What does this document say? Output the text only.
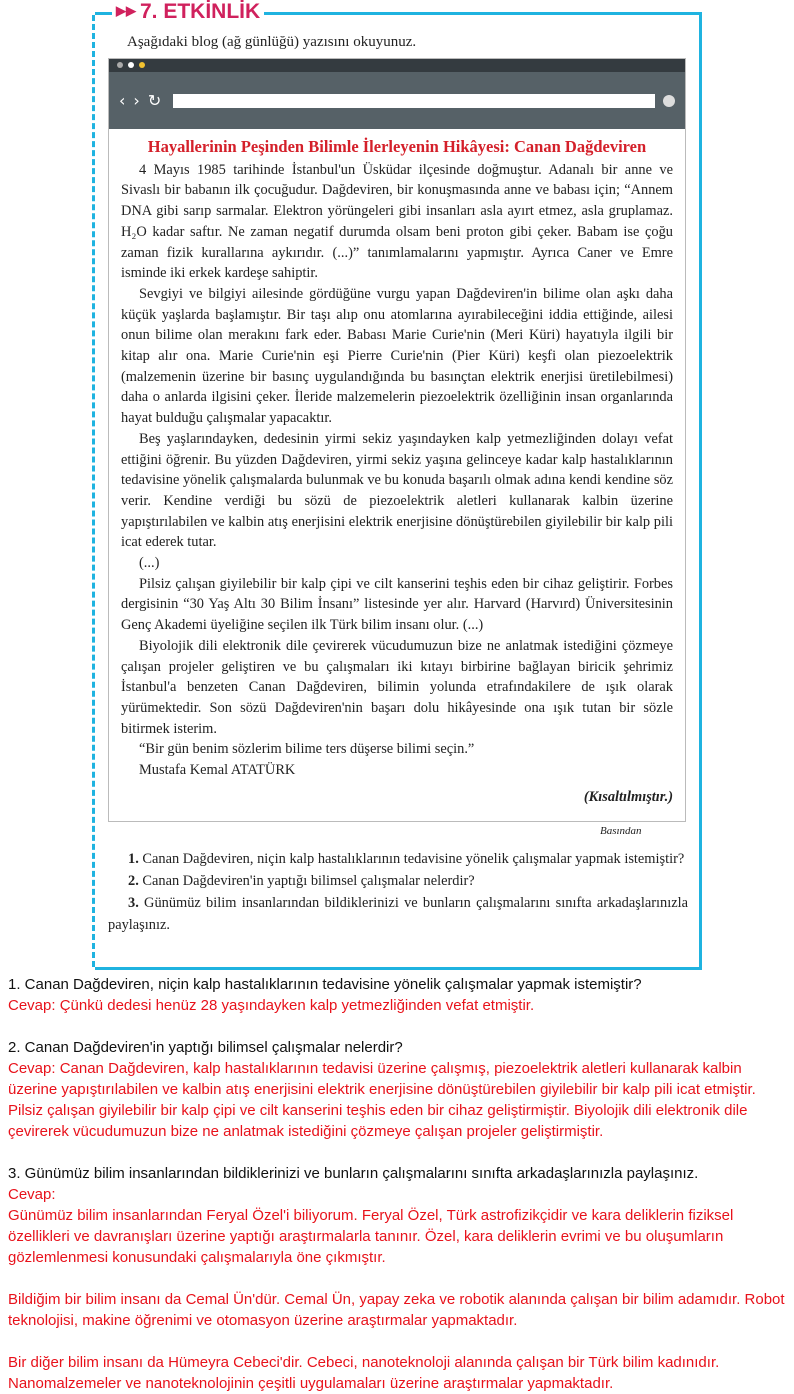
▶▶ 7. ETKİNLİK
Aşağıdaki blog (ağ günlüğü) yazısını okuyunuz.
‹ › ↻
Hayallerinin Peşinden Bilimle İlerleyenin Hikâyesi: Canan Dağdeviren

4 Mayıs 1985 tarihinde İstanbul'un Üsküdar ilçesinde doğmuştur. Adanalı bir anne ve Sivaslı bir babanın ilk çocuğudur. Dağdeviren, bir konuşmasında anne ve babası için; “Annem DNA gibi sarıp sarmalar. Elektron yörüngeleri gibi insanları asla ayırt etmez, asla gruplamaz. H₂O kadar saftır. Ne zaman negatif durumda olsam beni proton gibi çeker. Babam ise çoğu zaman fizik kurallarına aykırıdır. (...)” tanımlamalarını yapmıştır. Ayrıca Caner ve Emre isminde iki erkek kardeşe sahiptir.

Sevgiyi ve bilgiyi ailesinde gördüğüne vurgu yapan Dağdeviren'in bilime olan aşkı daha küçük yaşlarda başlamıştır. Bir taşı alıp onu atomlarına ayırabileceğini iddia ettiğinde, ailesi onun bilime olan merakını fark eder. Babası Marie Curie'nin (Meri Küri) hayatıyla ilgili bir kitap alır ona. Marie Curie'nin eşi Pierre Curie'nin (Pier Küri) keşfi olan piezoelektrik (malzemenin üzerine bir basınç uygulandığında bu basınçtan elektrik enerjisi üretilebilmesi) daha o anlarda ilgisini çeker. İleride malzemelerin piezoelektrik özelliğinin insan organlarında hayat bulduğu çalışmalar yapacaktır.

Beş yaşlarındayken, dedesinin yirmi sekiz yaşındayken kalp yetmezliğinden dolayı vefat ettiğini öğrenir. Bu yüzden Dağdeviren, yirmi sekiz yaşına gelinceye kadar kalp hastalıklarının tedavisine yönelik çalışmalarda bulunmak ve bu konuda başarılı olmak adına kendi kendine söz verir. Kendine verdiği bu sözü de piezoelektrik aletleri kullanarak kalbin üzerine yapıştırılabilen ve kalbin atış enerjisini elektrik enerjisine dönüştürebilen giyilebilir bir kalp pili icat ederek tutar.

(...)

Pilsiz çalışan giyilebilir bir kalp çipi ve cilt kanserini teşhis eden bir cihaz geliştirir. Forbes dergisinin “30 Yaş Altı 30 Bilim İnsanı” listesinde yer alır. Harvard (Harvırd) Üniversitesinin Genç Akademi üyeliğine seçilen ilk Türk bilim insanı olur. (...)

Biyolojik dili elektronik dile çevirerek vücudumuzun bize ne anlatmak istediğini çözmeye çalışan projeler geliştiren ve bu çalışmaları iki kıtayı birbirine bağlayan biricik şehrimiz İstanbul'a benzeten Canan Dağdeviren, bilimin yolunda etrafındakilere de ışık olarak yürümektedir. Son sözü Dağdeviren'nin başarı dolu hikâyesinde ona ışık tutan bir sözle bitirmek isterim.

“Bir gün benim sözlerim bilime ters düşerse bilimi seçin.”

Mustafa Kemal ATATÜRK

(Kısaltılmıştır.)
Basından

1. Canan Dağdeviren, niçin kalp hastalıklarının tedavisine yönelik çalışmalar yapmak istemiştir?

2. Canan Dağdeviren'in yaptığı bilimsel çalışmalar nelerdir?

3. Günümüz bilim insanlarından bildiklerinizi ve bunların çalışmalarını sınıfta arkadaşlarınızla paylaşınız.

1. Canan Dağdeviren, niçin kalp hastalıklarının tedavisine yönelik çalışmalar yapmak istemiştir?
Cevap: Çünkü dedesi henüz 28 yaşındayken kalp yetmezliğinden vefat etmiştir.
2. Canan Dağdeviren'in yaptığı bilimsel çalışmalar nelerdir?
Cevap: Canan Dağdeviren, kalp hastalıklarının tedavisi üzerine çalışmış, piezoelektrik aletleri kullanarak kalbin üzerine yapıştırılabilen ve kalbin atış enerjisini elektrik enerjisine dönüştürebilen giyilebilir bir kalp pili icat etmiştir. Pilsiz çalışan giyilebilir bir kalp çipi ve cilt kanserini teşhis eden bir cihaz geliştirmiştir. Biyolojik dili elektronik dile çevirerek vücudumuzun bize ne anlatmak istediğini çözmeye çalışan projeler geliştirmiştir.
3. Günümüz bilim insanlarından bildiklerinizi ve bunların çalışmalarını sınıfta arkadaşlarınızla paylaşınız.
Cevap:
Günümüz bilim insanlarından Feryal Özel'i biliyorum. Feryal Özel, Türk astrofizikçidir ve kara deliklerin fiziksel özellikleri ve davranışları üzerine yaptığı araştırmalarla tanınır. Özel, kara deliklerin evrimi ve bu oluşumların gözlemlenmesi konusundaki çalışmalarıyla öne çıkmıştır.
Bildiğim bir bilim insanı da Cemal Ün'dür. Cemal Ün, yapay zeka ve robotik alanında çalışan bir bilim adamıdır. Robot teknolojisi, makine öğrenimi ve otomasyon üzerine araştırmalar yapmaktadır.
Bir diğer bilim insanı da Hümeyra Cebeci'dir. Cebeci, nanoteknoloji alanında çalışan bir Türk bilim kadınıdır. Nanomalzemeler ve nanoteknolojinin çeşitli uygulamaları üzerine araştırmalar yapmaktadır.
